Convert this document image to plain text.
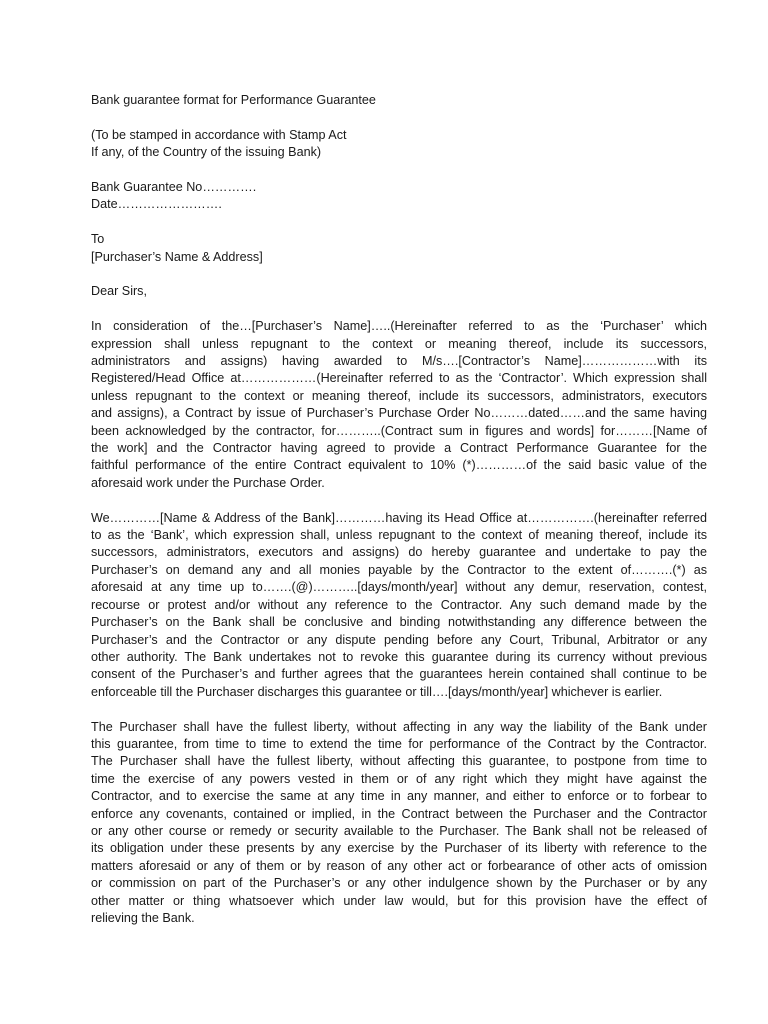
Bank guarantee format for Performance Guarantee
(To be stamped in accordance with Stamp Act
If any, of the Country of the issuing Bank)
Bank Guarantee No………….
Date…………………….
To
[Purchaser’s Name & Address]
Dear Sirs,
In consideration of the…[Purchaser’s Name]…..(Hereinafter referred to as the ‘Purchaser’ which
expression shall unless repugnant to the context or meaning thereof, include its successors,
administrators and assigns) having awarded to M/s….[Contractor’s Name]………………with its
Registered/Head Office at………………(Hereinafter referred to as the ‘Contractor’. Which expression shall
unless repugnant to the context or meaning thereof, include its successors, administrators, executors
and assigns), a Contract by issue of Purchaser’s Purchase Order No………dated……and the same having
been acknowledged by the contractor, for………..(Contract sum in figures and words] for………[Name of
the work] and the Contractor having agreed to provide a Contract Performance Guarantee for the
faithful performance of the entire Contract equivalent to 10% (*)…………of the said basic value of the
aforesaid work under the Purchase Order.
We…………[Name & Address of the Bank]…………having its Head Office at…………….(hereinafter referred
to as the ‘Bank’, which expression shall, unless repugnant to the context of meaning thereof, include its
successors, administrators, executors and assigns) do hereby guarantee and undertake to pay the
Purchaser’s on demand any and all monies payable by the Contractor to the extent of……….(*) as
aforesaid at any time up to…….(@)………..[days/month/year] without any demur, reservation, contest,
recourse or protest and/or without any reference to the Contractor. Any such demand made by the
Purchaser’s on the Bank shall be conclusive and binding notwithstanding any difference between the
Purchaser’s and the Contractor or any dispute pending before any Court, Tribunal, Arbitrator or any
other authority. The Bank undertakes not to revoke this guarantee during its currency without previous
consent of the Purchaser’s and further agrees that the guarantees herein contained shall continue to be
enforceable till the Purchaser discharges this guarantee or till….[days/month/year] whichever is earlier.
The Purchaser shall have the fullest liberty, without affecting in any way the liability of the Bank under
this guarantee, from time to time to extend the time for performance of the Contract by the Contractor.
The Purchaser shall have the fullest liberty, without affecting this guarantee, to postpone from time to
time the exercise of any powers vested in them or of any right which they might have against the
Contractor, and to exercise the same at any time in any manner, and either to enforce or to forbear to
enforce any covenants, contained or implied, in the Contract between the Purchaser and the Contractor
or any other course or remedy or security available to the Purchaser. The Bank shall not be released of
its obligation under these presents by any exercise by the Purchaser of its liberty with reference to the
matters aforesaid or any of them or by reason of any other act or forbearance of other acts of omission
or commission on part of the Purchaser’s or any other indulgence shown by the Purchaser or by any
other matter or thing whatsoever which under law would, but for this provision have the effect of
relieving the Bank.
